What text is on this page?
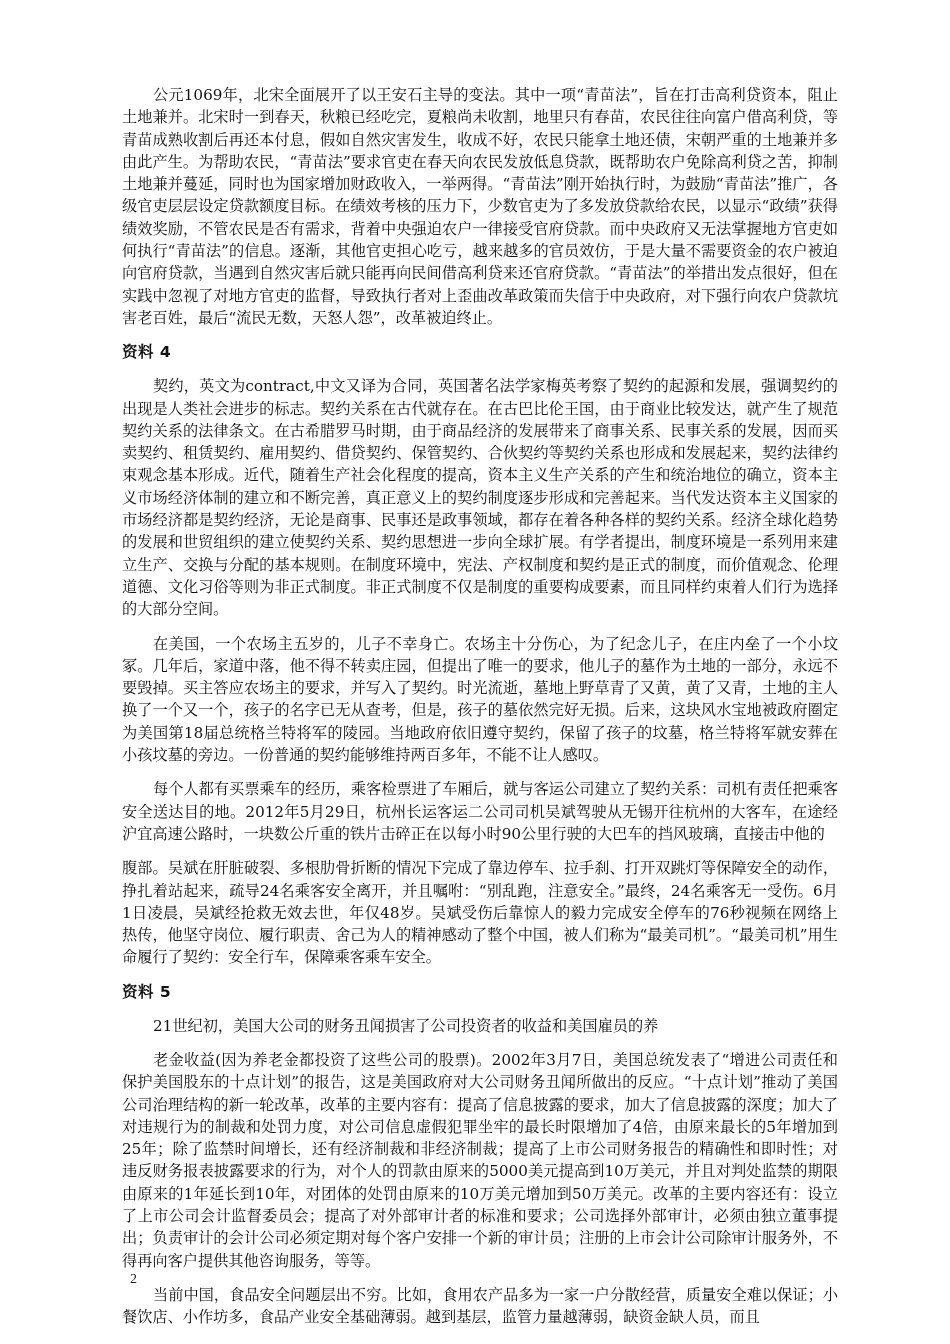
公元1069年，北宋全面展开了以王安石主导的变法。其中一项“青苗法”，旨在打击高利贷资本，阻止土地兼并。北宋时一到春天，秋粮已经吃完，夏粮尚未收割，地里只有春苗，农民往往向富户借高利贷，等青苗成熟收割后再还本付息，假如自然灾害发生，收成不好，农民只能拿土地还债，宋朝严重的土地兼并多由此产生。为帮助农民，“青苗法”要求官吏在春天向农民发放低息贷款，既帮助农户免除高利贷之苦，抑制土地兼并蔓延，同时也为国家增加财政收入，一举两得。“青苗法”刚开始执行时，为鼓励“青苗法”推广，各级官吏层层设定贷款额度目标。在绩效考核的压力下，少数官吏为了多发放贷款给农民，以显示“政绩”获得绩效奖励，不管农民是否有需求，背着中央强迫农户一律接受官府贷款。而中央政府又无法掌握地方官吏如何执行“青苗法”的信息。逐渐，其他官吏担心吃亏，越来越多的官员效仿，于是大量不需要资金的农户被迫向官府贷款，当遇到自然灾害后就只能再向民间借高利贷来还官府贷款。“青苗法”的举措出发点很好，但在实践中忽视了对地方官吏的监督，导致执行者对上歪曲改革政策而失信于中央政府，对下强行向农户贷款坑害老百姓，最后“流民无数，天怒人怨”，改革被迫终止。

资料 4

契约，英文为contract,中文又译为合同，英国著名法学家梅英考察了契约的起源和发展，强调契约的出现是人类社会进步的标志。契约关系在古代就存在。在古巴比伦王国，由于商业比较发达，就产生了规范契约关系的法律条文。在古希腊罗马时期，由于商品经济的发展带来了商事关系、民事关系的发展，因而买卖契约、租赁契约、雇用契约、借贷契约、保管契约、合伙契约等契约关系也形成和发展起来，契约法律约束观念基本形成。近代，随着生产社会化程度的提高，资本主义生产关系的产生和统治地位的确立，资本主义市场经济体制的建立和不断完善，真正意义上的契约制度逐步形成和完善起来。当代发达资本主义国家的市场经济都是契约经济，无论是商事、民事还是政事领域，都存在着各种各样的契约关系。经济全球化趋势的发展和世贸组织的建立使契约关系、契约思想进一步向全球扩展。有学者提出，制度环境是一系列用来建立生产、交换与分配的基本规则。在制度环境中，宪法、产权制度和契约是正式的制度，而价值观念、伦理道德、文化习俗等则为非正式制度。非正式制度不仅是制度的重要构成要素，而且同样约束着人们行为选择的大部分空间。

在美国，一个农场主五岁的，儿子不幸身亡。农场主十分伤心，为了纪念儿子，在庄内垒了一个小坟冢。几年后，家道中落，他不得不转卖庄园，但提出了唯一的要求，他儿子的墓作为土地的一部分，永远不要毁掉。买主答应农场主的要求，并写入了契约。时光流逝，墓地上野草青了又黄，黄了又青，土地的主人换了一个又一个，孩子的名字已无从查考，但是，孩子的墓依然完好无损。后来，这块风水宝地被政府圈定为美国第18届总统格兰特将军的陵园。当地政府依旧遵守契约，保留了孩子的坟墓，格兰特将军就安葬在小孩坟墓的旁边。一份普通的契约能够维持两百多年，不能不让人感叹。

每个人都有买票乘车的经历，乘客检票进了车厢后，就与客运公司建立了契约关系：司机有责任把乘客安全送达目的地。2012年5月29日，杭州长运客运二公司司机吴斌驾驶从无锡开往杭州的大客车，在途经沪宜高速公路时，一块数公斤重的铁片击碎正在以每小时90公里行驶的大巴车的挡风玻璃，直接击中他的

腹部。吴斌在肝脏破裂、多根肋骨折断的情况下完成了靠边停车、拉手刹、打开双跳灯等保障安全的动作，挣扎着站起来，疏导24名乘客安全离开，并且嘱咐：“别乱跑，注意安全。”最终，24名乘客无一受伤。6月1日凌晨，吴斌经抢救无效去世，年仅48岁。吴斌受伤后靠惊人的毅力完成安全停车的76秒视频在网络上热传，他坚守岗位、履行职责、舍己为人的精神感动了整个中国，被人们称为“最美司机”。“最美司机”用生命履行了契约：安全行车，保障乘客乘车安全。

资料 5

21世纪初，美国大公司的财务丑闻损害了公司投资者的收益和美国雇员的养

老金收益(因为养老金都投资了这些公司的股票)。2002年3月7日，美国总统发表了“增进公司责任和保护美国股东的十点计划”的报告，这是美国政府对大公司财务丑闻所做出的反应。“十点计划”推动了美国公司治理结构的新一轮改革，改革的主要内容有：提高了信息披露的要求，加大了信息披露的深度；加大了对违规行为的制裁和处罚力度，对公司信息虚假犯罪坐牢的最长时限增加了4倍，由原来最长的5年增加到25年；除了监禁时间增长，还有经济制裁和非经济制裁；提高了上市公司财务报告的精确性和即时性；对违反财务报表披露要求的行为，对个人的罚款由原来的5000美元提高到10万美元，并且对判处监禁的期限由原来的1年延长到10年，对团体的处罚由原来的10万美元增加到50万美元。改革的主要内容还有：设立了上市公司会计监督委员会；提高了对外部审计者的标准和要求；公司选择外部审计，必须由独立董事提出；负责审计的会计公司必须定期对每个客户安排一个新的审计员；注册的上市会计公司除审计服务外，不得再向客户提供其他咨询服务，等等。

当前中国，食品安全问题层出不穷。比如，食用农产品多为一家一户分散经营，质量安全难以保证；小餐饮店、小作坊多，食品产业安全基础薄弱。越到基层，监管力量越薄弱，缺资金缺人员，而且

2
